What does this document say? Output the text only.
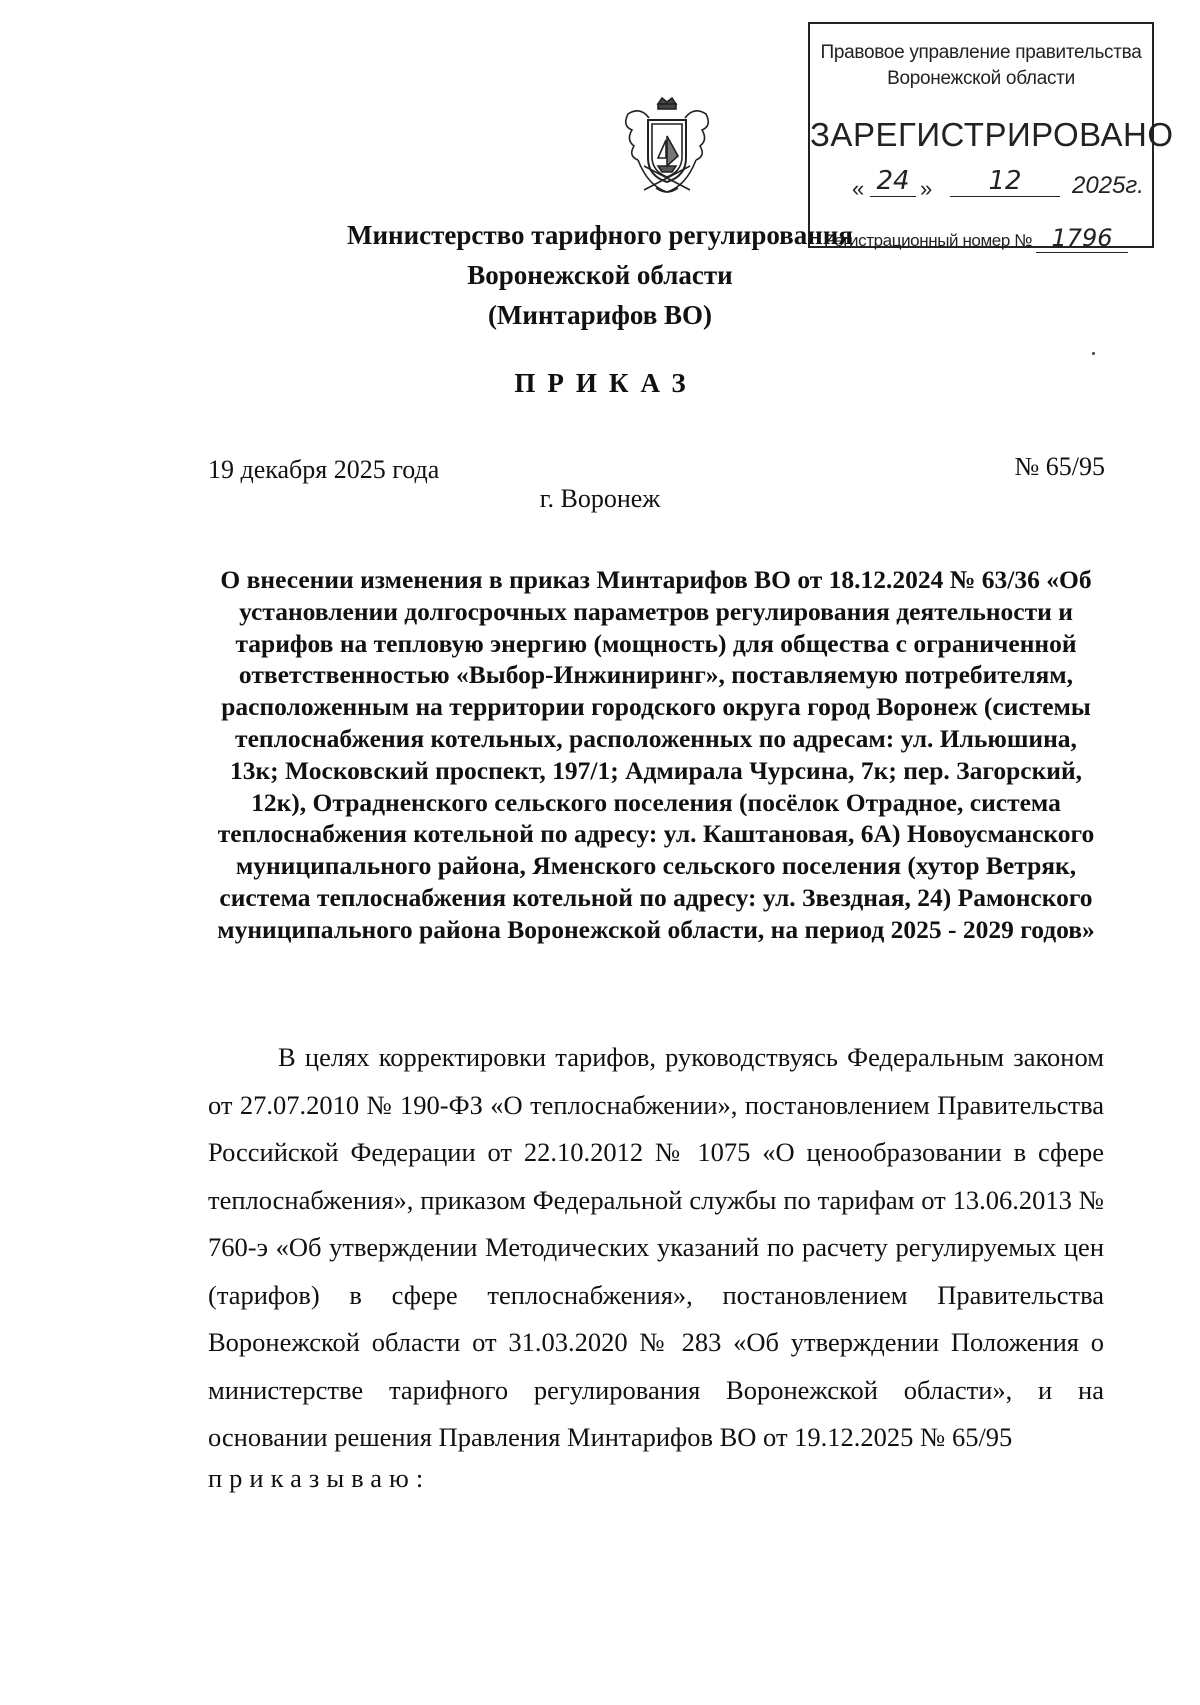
Правовое управление правительства
Воронежской области
ЗАРЕГИСТРИРОВАНО
« 24 »	12	2025г.
Регистрационный номер № 1796
Министерство тарифного регулирования
Воронежской области
(Минтарифов ВО)
ПРИКАЗ
19 декабря 2025 года	№ 65/95
г. Воронеж
О внесении изменения в приказ Минтарифов ВО от 18.12.2024 № 63/36 «Об установлении долгосрочных параметров регулирования деятельности и тарифов на тепловую энергию (мощность) для общества с ограниченной ответственностью «Выбор-Инжиниринг», поставляемую потребителям, расположенным на территории городского округа город Воронеж (системы теплоснабжения котельных, расположенных по адресам: ул. Ильюшина, 13к; Московский проспект, 197/1; Адмирала Чурсина, 7к; пер. Загорский, 12к), Отрадненского сельского поселения (посёлок Отрадное, система теплоснабжения котельной по адресу: ул. Каштановая, 6А) Новоусманского муниципального района, Яменского сельского поселения (хутор Ветряк, система теплоснабжения котельной по адресу: ул. Звездная, 24) Рамонского муниципального района Воронежской области, на период 2025 - 2029 годов»
В целях корректировки тарифов, руководствуясь Федеральным законом от 27.07.2010 № 190-ФЗ «О теплоснабжении», постановлением Правительства Российской Федерации от 22.10.2012 № 1075 «О ценообразовании в сфере теплоснабжения», приказом Федеральной службы по тарифам от 13.06.2013 № 760-э «Об утверждении Методических указаний по расчету регулируемых цен (тарифов) в сфере теплоснабжения», постановлением Правительства Воронежской области от 31.03.2020 № 283 «Об утверждении Положения о министерстве тарифного регулирования Воронежской области», и на основании решения Правления Минтарифов ВО от 19.12.2025 № 65/95
приказываю:
